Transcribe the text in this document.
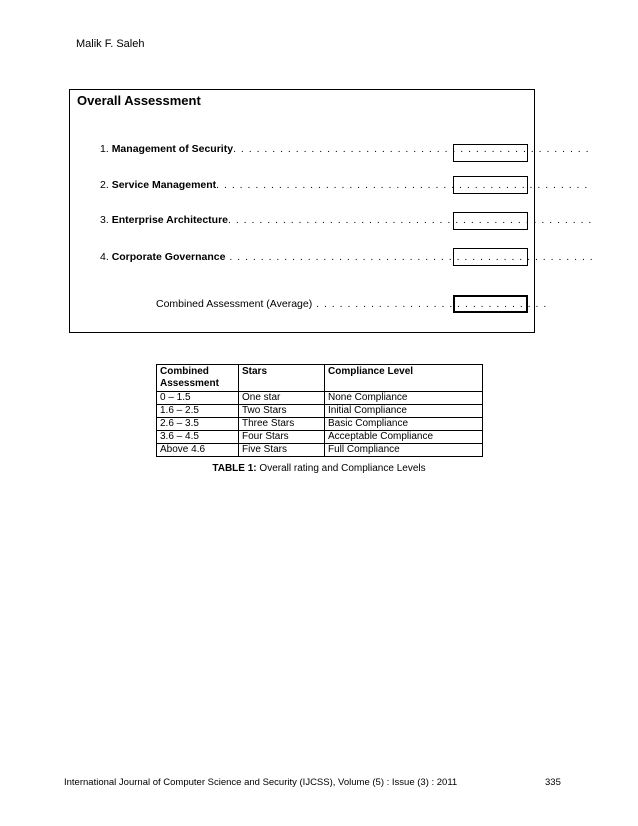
Malik F. Saleh
Overall Assessment
1. Management of Security. . . . . . . . . . . . . . . . . . . . . . . . . . . . . . . . . . . . . . . . . . . . . .
2. Service Management. . . . . . . . . . . . . . . . . . . . . . . . . . . . . . . . . . . . . . . . . . . . . . . .
3. Enterprise Architecture. . . . . . . . . . . . . . . . . . . . . . . . . . . . . . . . . . . . . . . . . . . . . . .
4. Corporate Governance . . . . . . . . . . . . . . . . . . . . . . . . . . . . . . . . . . . . . . . . . . . . . . .
Combined Assessment (Average) . . . . . . . . . . . . . . . . . . . . . . . . . . . . . .
Combined Assessment	Stars	Compliance Level
0 – 1.5	One star	None Compliance
1.6 – 2.5	Two Stars	Initial Compliance
2.6 – 3.5	Three Stars	Basic Compliance
3.6 – 4.5	Four Stars	Acceptable Compliance
Above 4.6	Five Stars	Full Compliance
TABLE 1: Overall rating and Compliance Levels
International Journal of Computer Science and Security (IJCSS), Volume (5) : Issue (3) : 2011	335
